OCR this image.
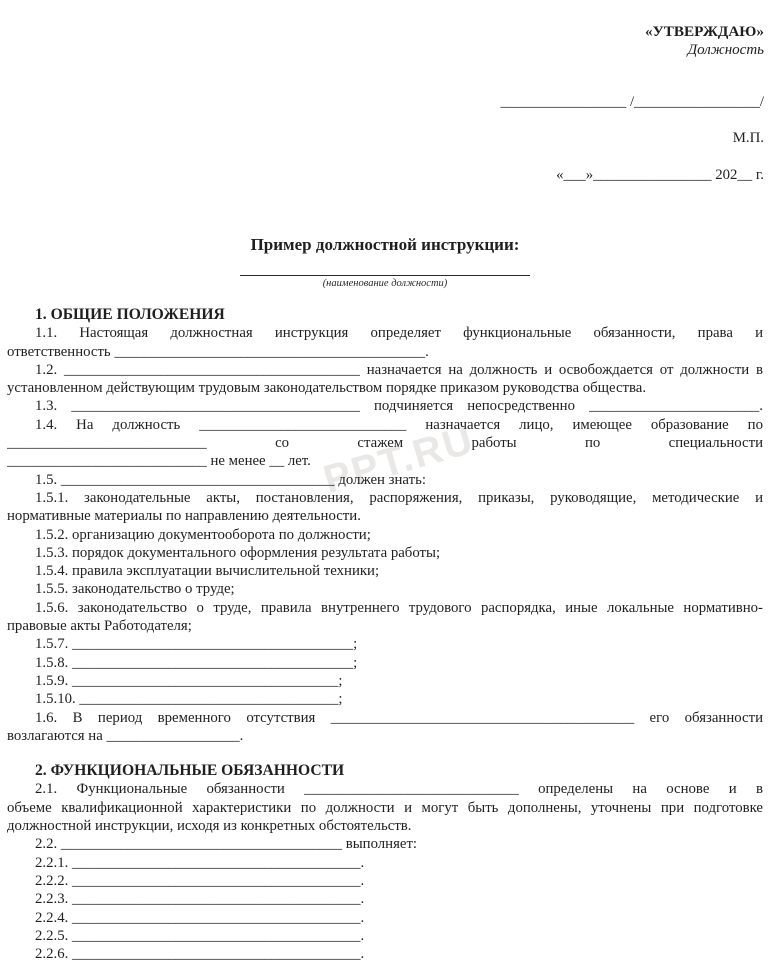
PPT.RU
«УТВЕРЖДАЮ»
Должность
_________________ /_________________/
М.П.
«___»________________ 202__ г.
Пример должностной инструкции:
(наименование должности)
1. ОБЩИЕ ПОЛОЖЕНИЯ
1.1. Настоящая должностная инструкция определяет функциональные обязанности, права и
ответственность __________________________________________.
1.2. ________________________________________ назначается на должность и освобождается от должности в
установленном действующим трудовым законодательством порядке приказом руководства общества.
1.3. _______________________________________ подчиняется непосредственно _______________________.
1.4. На должность ____________________________ назначается лицо, имеющее образование по
___________________________ со стажем работы по специальности
___________________________ не менее __ лет.
1.5. _____________________________________ должен знать:
1.5.1. законодательные акты, постановления, распоряжения, приказы, руководящие, методические и
нормативные материалы по направлению деятельности.
1.5.2. организацию документооборота по должности;
1.5.3. порядок документального оформления результата работы;
1.5.4. правила эксплуатации вычислительной техники;
1.5.5. законодательство о труде;
1.5.6. законодательство о труде, правила внутреннего трудового распорядка, иные локальные нормативно-
правовые акты Работодателя;
1.5.7. ______________________________________;
1.5.8. ______________________________________;
1.5.9. ____________________________________;
1.5.10. ___________________________________;
1.6. В период временного отсутствия _________________________________________ его обязанности
возлагаются на __________________.
2. ФУНКЦИОНАЛЬНЫЕ ОБЯЗАННОСТИ
2.1. Функциональные обязанности _____________________________ определены на основе и в
объеме квалификационной характеристики по должности и могут быть дополнены, уточнены при подготовке
должностной инструкции, исходя из конкретных обстоятельств.
2.2. ______________________________________ выполняет:
2.2.1. _______________________________________.
2.2.2. _______________________________________.
2.2.3. _______________________________________.
2.2.4. _______________________________________.
2.2.5. _______________________________________.
2.2.6. _______________________________________.
